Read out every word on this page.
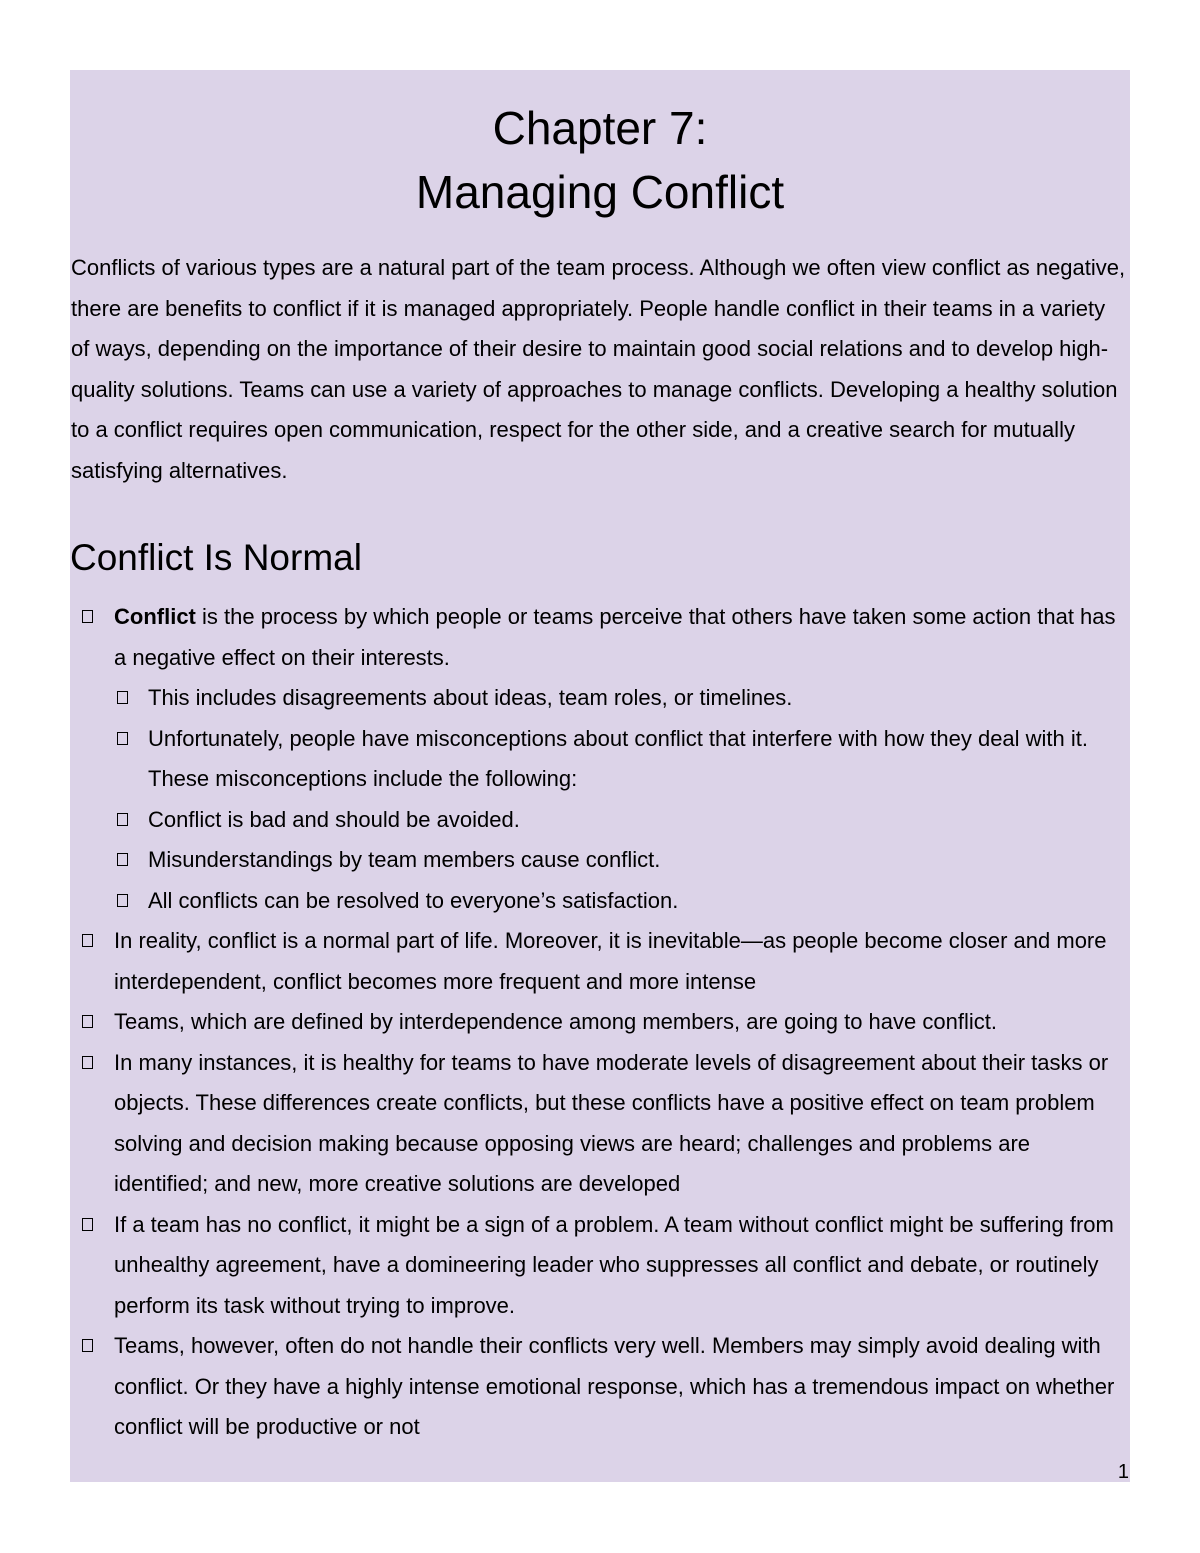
Chapter 7:
Managing Conflict

Conflicts of various types are a natural part of the team process. Although we often view conflict as negative, there are benefits to conflict if it is managed appropriately. People handle conflict in their teams in a variety of ways, depending on the importance of their desire to maintain good social relations and to develop high-quality solutions. Teams can use a variety of approaches to manage conflicts. Developing a healthy solution to a conflict requires open communication, respect for the other side, and a creative search for mutually satisfying alternatives.

Conflict Is Normal

Conflict is the process by which people or teams perceive that others have taken some action that has a negative effect on their interests.

This includes disagreements about ideas, team roles, or timelines.

Unfortunately, people have misconceptions about conflict that interfere with how they deal with it. These misconceptions include the following:

Conflict is bad and should be avoided.

Misunderstandings by team members cause conflict.

All conflicts can be resolved to everyone’s satisfaction.

In reality, conflict is a normal part of life. Moreover, it is inevitable—as people become closer and more interdependent, conflict becomes more frequent and more intense

Teams, which are defined by interdependence among members, are going to have conflict.

In many instances, it is healthy for teams to have moderate levels of disagreement about their tasks or objects. These differences create conflicts, but these conflicts have a positive effect on team problem solving and decision making because opposing views are heard; challenges and problems are identified; and new, more creative solutions are developed

If a team has no conflict, it might be a sign of a problem. A team without conflict might be suffering from unhealthy agreement, have a domineering leader who suppresses all conflict and debate, or routinely perform its task without trying to improve.

Teams, however, often do not handle their conflicts very well. Members may simply avoid dealing with conflict. Or they have a highly intense emotional response, which has a tremendous impact on whether conflict will be productive or not

1
